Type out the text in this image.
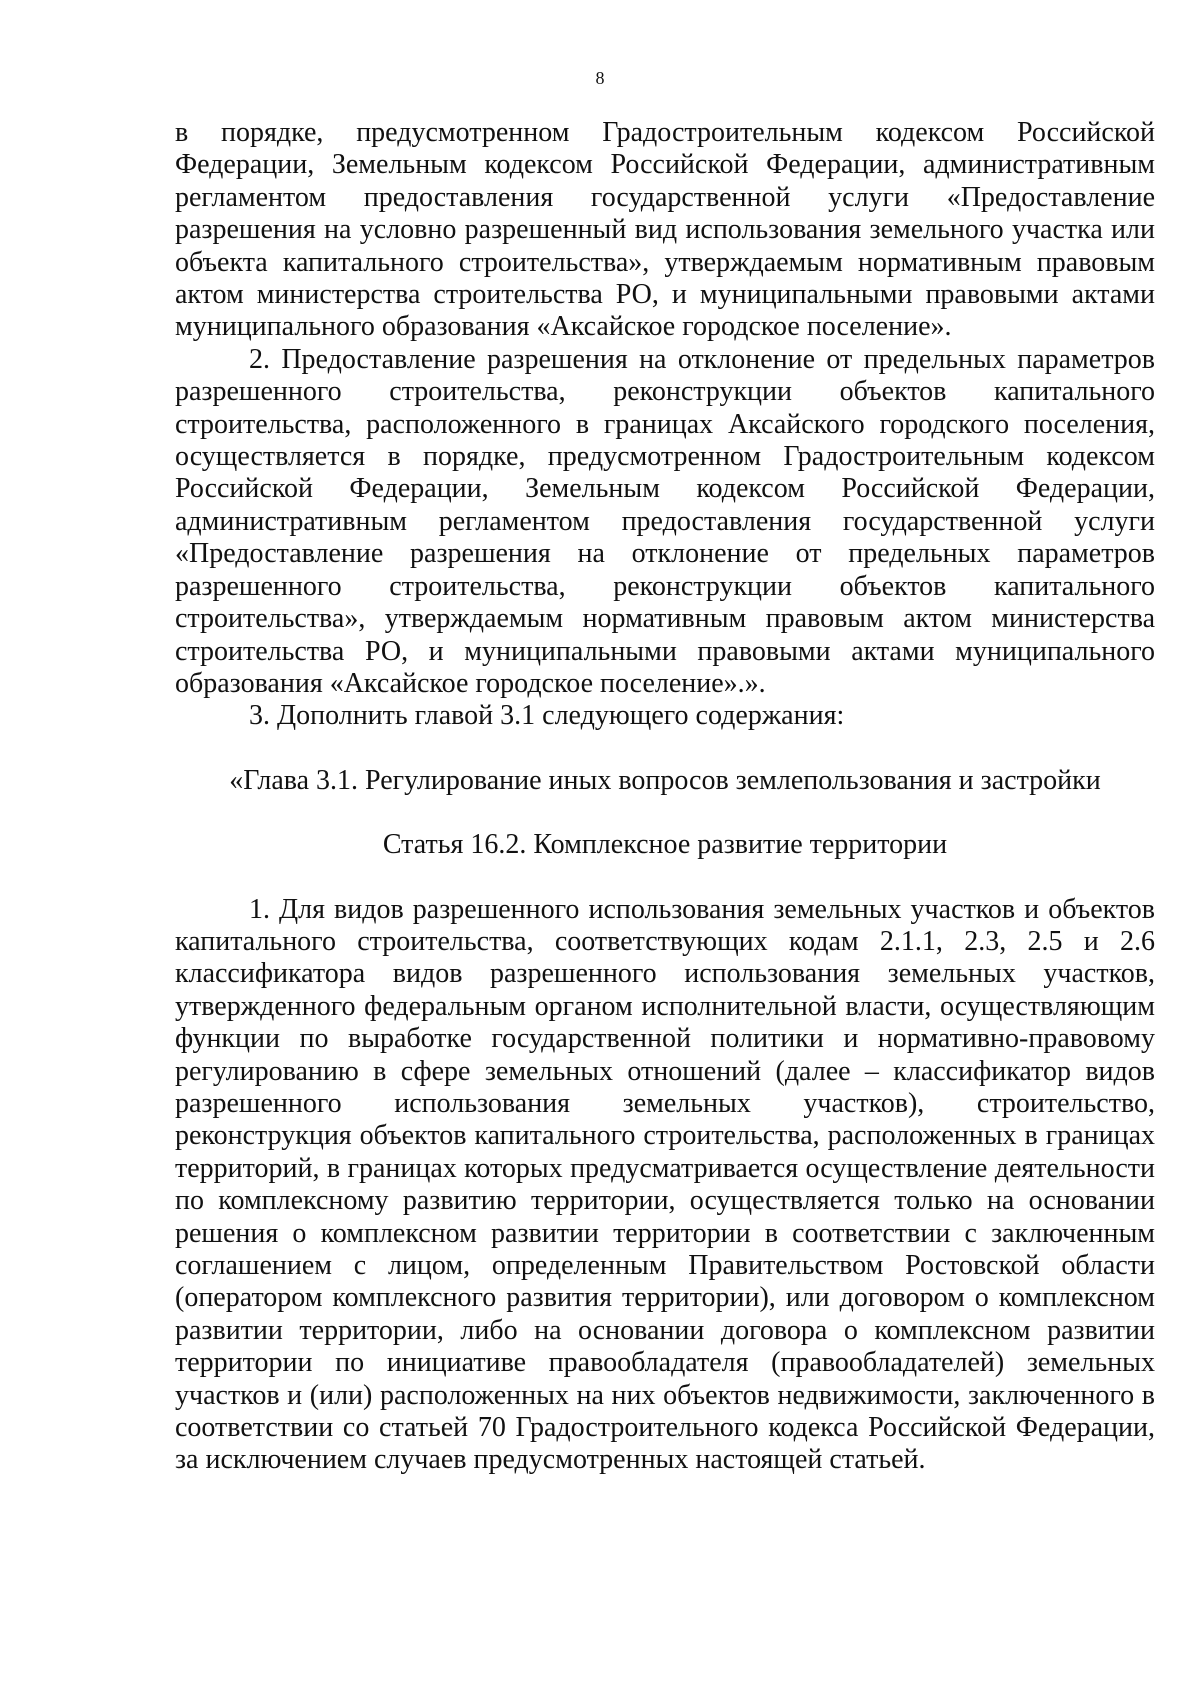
8

в порядке, предусмотренном Градостроительным кодексом Российской Федерации, Земельным кодексом Российской Федерации, административным регламентом предоставления государственной услуги «Предоставление разрешения на условно разрешенный вид использования земельного участка или объекта капитального строительства», утверждаемым нормативным правовым актом министерства строительства РО, и муниципальными правовыми актами муниципального образования «Аксайское городское поселение».

2. Предоставление разрешения на отклонение от предельных параметров разрешенного строительства, реконструкции объектов капитального строительства, расположенного в границах Аксайского городского поселения, осуществляется в порядке, предусмотренном Градостроительным кодексом Российской Федерации, Земельным кодексом Российской Федерации, административным регламентом предоставления государственной услуги «Предоставление разрешения на отклонение от предельных параметров разрешенного строительства, реконструкции объектов капитального строительства», утверждаемым нормативным правовым актом министерства строительства РО, и муниципальными правовыми актами муниципального образования «Аксайское городское поселение».».

3. Дополнить главой 3.1 следующего содержания:

«Глава 3.1. Регулирование иных вопросов землепользования и застройки

Статья 16.2. Комплексное развитие территории

1. Для видов разрешенного использования земельных участков и объектов капитального строительства, соответствующих кодам 2.1.1, 2.3, 2.5 и 2.6 классификатора видов разрешенного использования земельных участков, утвержденного федеральным органом исполнительной власти, осуществляющим функции по выработке государственной политики и нормативно-правовому регулированию в сфере земельных отношений (далее – классификатор видов разрешенного использования земельных участков), строительство, реконструкция объектов капитального строительства, расположенных в границах территорий, в границах которых предусматривается осуществление деятельности по комплексному развитию территории, осуществляется только на основании решения о комплексном развитии территории в соответствии с заключенным соглашением с лицом, определенным Правительством Ростовской области (оператором комплексного развития территории), или договором о комплексном развитии территории, либо на основании договора о комплексном развитии территории по инициативе правообладателя (правообладателей) земельных участков и (или) расположенных на них объектов недвижимости, заключенного в соответствии со статьей 70 Градостроительного кодекса Российской Федерации, за исключением случаев предусмотренных настоящей статьей.
